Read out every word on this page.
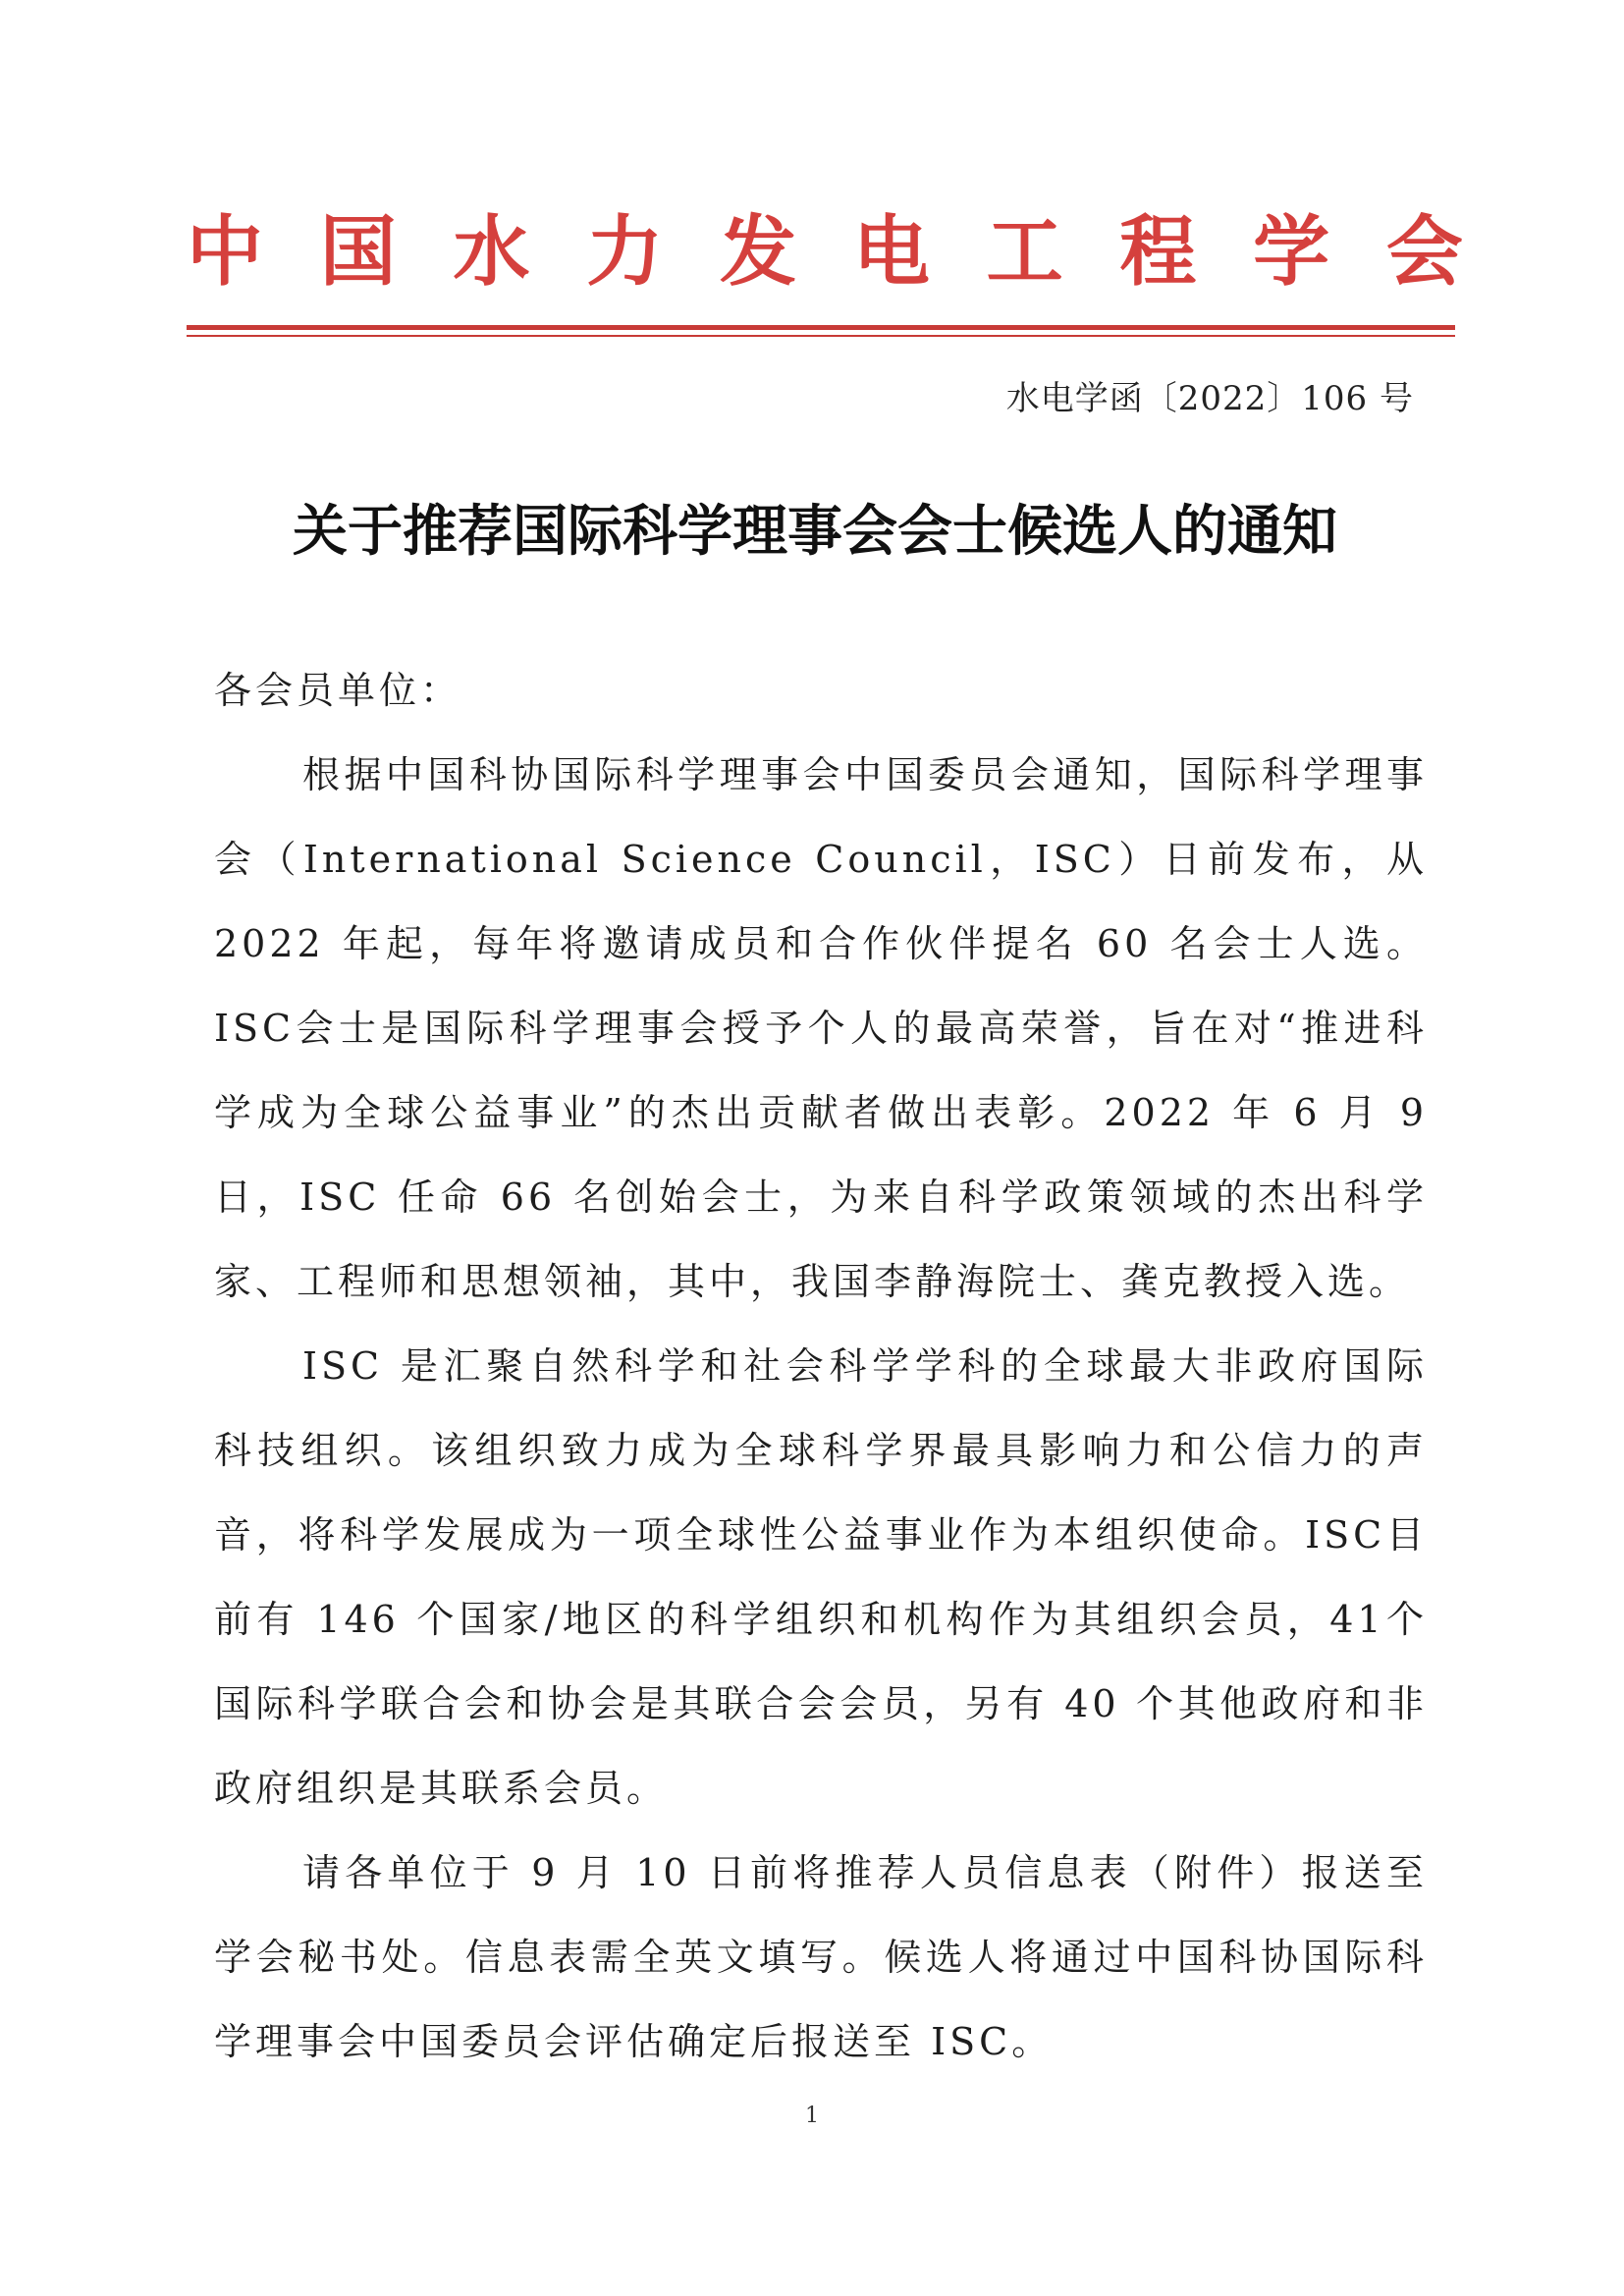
中 国 水 力 发 电 工 程 学 会
水电学函〔2022〕106 号
关于推荐国际科学理事会会士候选人的通知

各会员单位：

根据中国科协国际科学理事会中国委员会通知，国际科学理事会（International Science Council，ISC）日前发布，从2022 年起，每年将邀请成员和合作伙伴提名 60 名会士人选。ISC会士是国际科学理事会授予个人的最高荣誉，旨在对“推进科学成为全球公益事业”的杰出贡献者做出表彰。2022 年 6 月 9 日，ISC 任命 66 名创始会士，为来自科学政策领域的杰出科学家、工程师和思想领袖，其中，我国李静海院士、龚克教授入选。

ISC 是汇聚自然科学和社会科学学科的全球最大非政府国际科技组织。该组织致力成为全球科学界最具影响力和公信力的声音，将科学发展成为一项全球性公益事业作为本组织使命。ISC目前有 146 个国家/地区的科学组织和机构作为其组织会员，41个国际科学联合会和协会是其联合会会员，另有 40 个其他政府和非政府组织是其联系会员。

请各单位于 9 月 10 日前将推荐人员信息表（附件）报送至学会秘书处。信息表需全英文填写。候选人将通过中国科协国际科学理事会中国委员会评估确定后报送至 ISC。

1
